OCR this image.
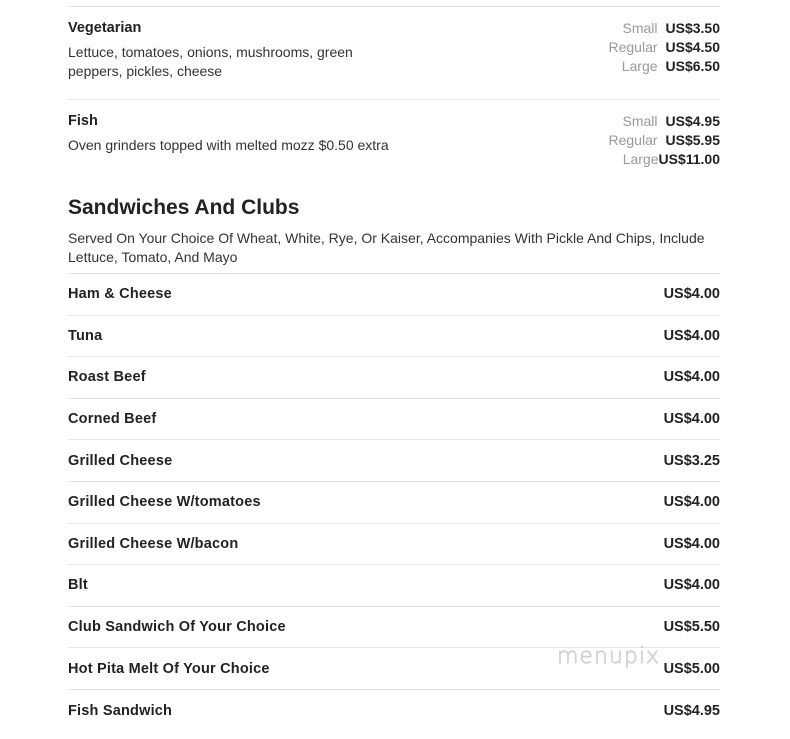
Vegetarian
Lettuce, tomatoes, onions, mushrooms, green peppers, pickles, cheese
Small US$3.50
Regular US$4.50
Large US$6.50
Fish
Oven grinders topped with melted mozz $0.50 extra
Small US$4.95
Regular US$5.95
Large US$11.00
Sandwiches And Clubs
Served On Your Choice Of Wheat, White, Rye, Or Kaiser, Accompanies With Pickle And Chips, Include Lettuce, Tomato, And Mayo
Ham & Cheese	US$4.00
Tuna	US$4.00
Roast Beef	US$4.00
Corned Beef	US$4.00
Grilled Cheese	US$3.25
Grilled Cheese W/tomatoes	US$4.00
Grilled Cheese W/bacon	US$4.00
Blt	US$4.00
Club Sandwich Of Your Choice	US$5.50
Hot Pita Melt Of Your Choice	US$5.00
Fish Sandwich	US$4.95
menupix
